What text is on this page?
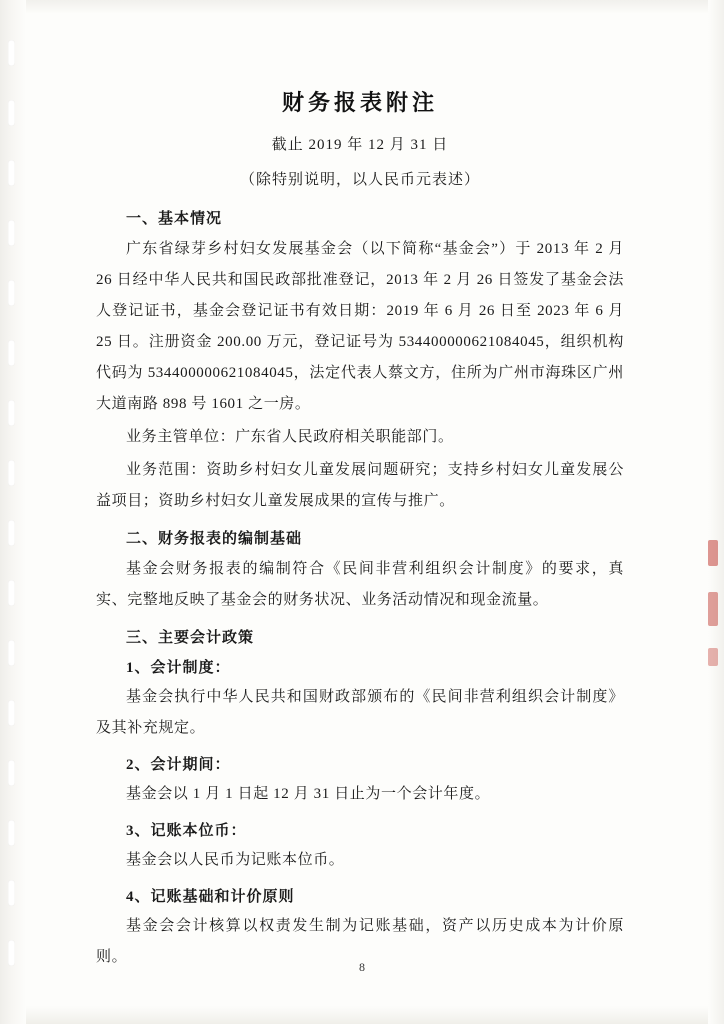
财务报表附注
截止 2019 年 12 月 31 日
（除特别说明，以人民币元表述）
一、基本情况

广东省绿芽乡村妇女发展基金会（以下简称“基金会”）于 2013 年 2 月 26 日经中华人民共和国民政部批准登记，2013 年 2 月 26 日签发了基金会法人登记证书，基金会登记证书有效日期：2019 年 6 月 26 日至 2023 年 6 月 25 日。注册资金 200.00 万元，登记证号为 534400000621084045，组织机构代码为 534400000621084045，法定代表人蔡文方，住所为广州市海珠区广州大道南路 898 号 1601 之一房。

业务主管单位：广东省人民政府相关职能部门。

业务范围：资助乡村妇女儿童发展问题研究；支持乡村妇女儿童发展公益项目；资助乡村妇女儿童发展成果的宣传与推广。

二、财务报表的编制基础

基金会财务报表的编制符合《民间非营利组织会计制度》的要求，真实、完整地反映了基金会的财务状况、业务活动情况和现金流量。

三、主要会计政策
1、会计制度：

基金会执行中华人民共和国财政部颁布的《民间非营利组织会计制度》及其补充规定。

2、会计期间：

基金会以 1 月 1 日起 12 月 31 日止为一个会计年度。

3、记账本位币：

基金会以人民币为记账本位币。

4、记账基础和计价原则

基金会会计核算以权责发生制为记账基础，资产以历史成本为计价原则。

8
